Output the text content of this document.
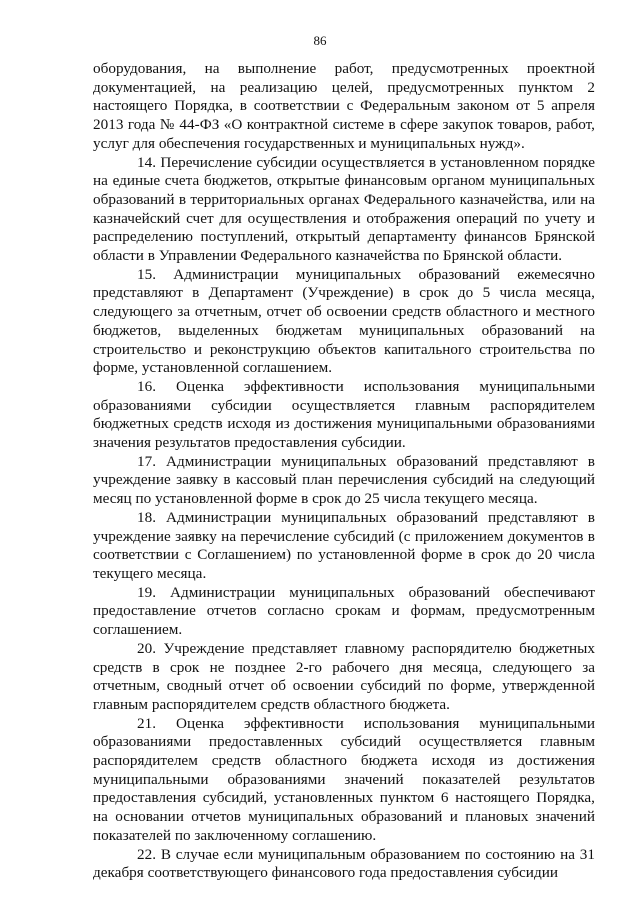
86

оборудования, на выполнение работ, предусмотренных проектной документацией, на реализацию целей, предусмотренных пунктом 2 настоящего Порядка, в соответствии с Федеральным законом от 5 апреля 2013 года № 44-ФЗ «О контрактной системе в сфере закупок товаров, работ, услуг для обеспечения государственных и муниципальных нужд».

14. Перечисление субсидии осуществляется в установленном порядке на единые счета бюджетов, открытые финансовым органом муниципальных образований в территориальных органах Федерального казначейства, или на казначейский счет для осуществления и отображения операций по учету и распределению поступлений, открытый департаменту финансов Брянской области в Управлении Федерального казначейства по Брянской области.

15. Администрации муниципальных образований ежемесячно представляют в Департамент (Учреждение) в срок до 5 числа месяца, следующего за отчетным, отчет об освоении средств областного и местного бюджетов, выделенных бюджетам муниципальных образований на строительство и реконструкцию объектов капитального строительства по форме, установленной соглашением.

16. Оценка эффективности использования муниципальными образованиями субсидии осуществляется главным распорядителем бюджетных средств исходя из достижения муниципальными образованиями значения результатов предоставления субсидии.

17. Администрации муниципальных образований представляют в учреждение заявку в кассовый план перечисления субсидий на следующий месяц по установленной форме в срок до 25 числа текущего месяца.

18. Администрации муниципальных образований представляют в учреждение заявку на перечисление субсидий (с приложением документов в соответствии с Соглашением) по установленной форме в срок до 20 числа текущего месяца.

19. Администрации муниципальных образований обеспечивают предоставление отчетов согласно срокам и формам, предусмотренным соглашением.

20. Учреждение представляет главному распорядителю бюджетных средств в срок не позднее 2-го рабочего дня месяца, следующего за отчетным, сводный отчет об освоении субсидий по форме, утвержденной главным распорядителем средств областного бюджета.

21. Оценка эффективности использования муниципальными образованиями предоставленных субсидий осуществляется главным распорядителем средств областного бюджета исходя из достижения муниципальными образованиями значений показателей результатов предоставления субсидий, установленных пунктом 6 настоящего Порядка, на основании отчетов муниципальных образований и плановых значений показателей по заключенному соглашению.

22. В случае если муниципальным образованием по состоянию на 31 декабря соответствующего финансового года предоставления субсидии
